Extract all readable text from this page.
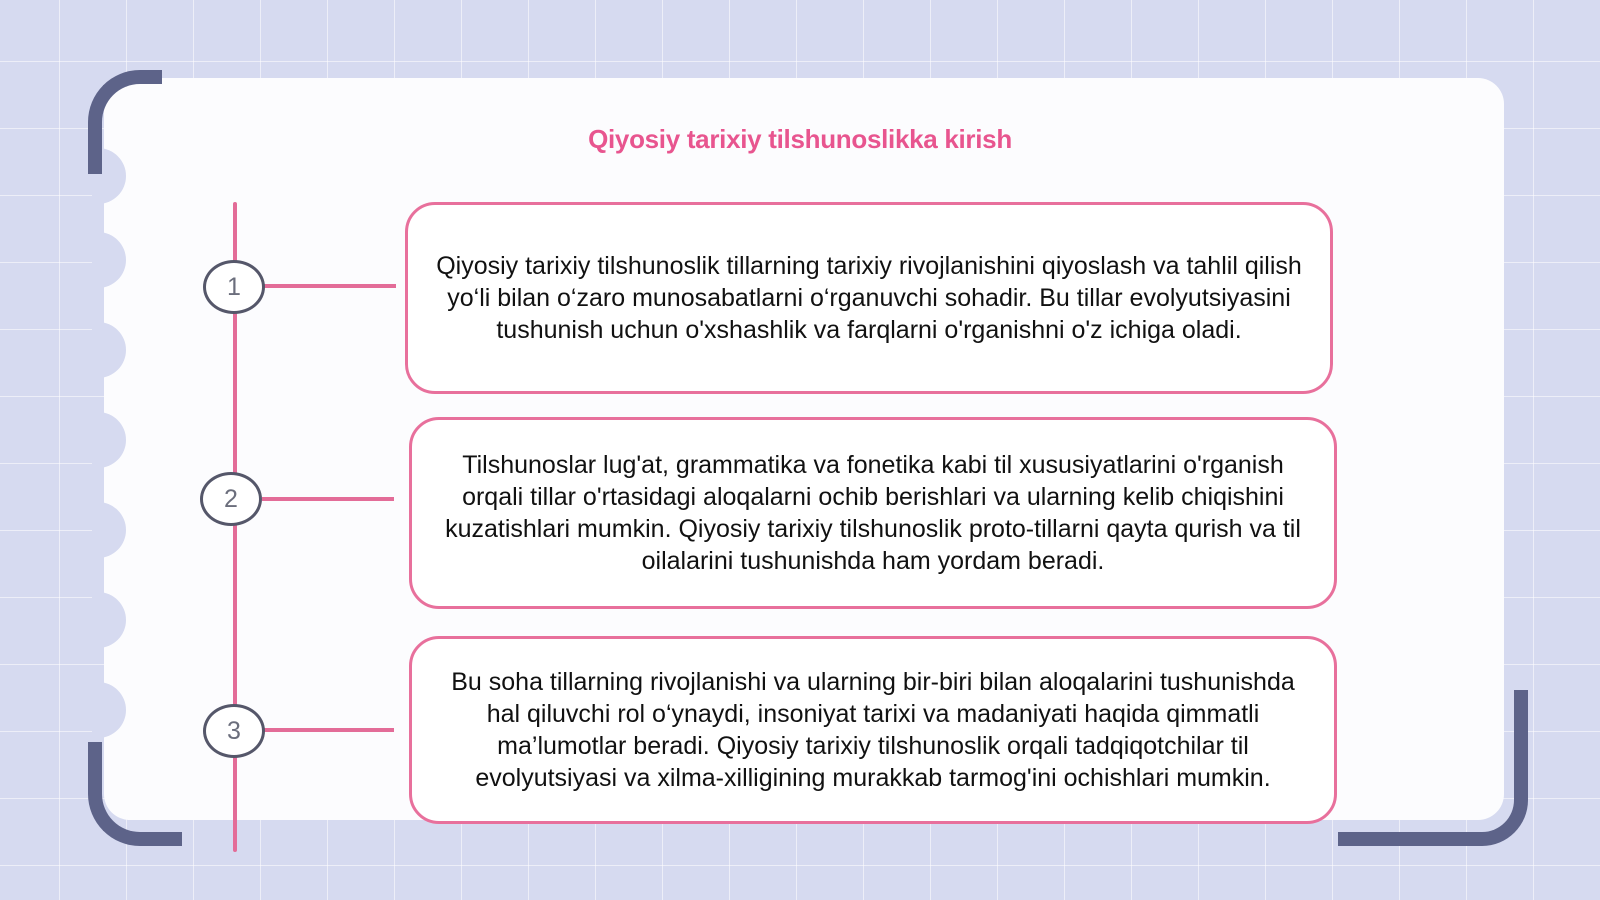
Qiyosiy tarixiy tilshunoslikka kirish
1
2
3
Qiyosiy tarixiy tilshunoslik tillarning tarixiy rivojlanishini qiyoslash va tahlil qilish yo‘li bilan o‘zaro munosabatlarni o‘rganuvchi sohadir. Bu tillar evolyutsiyasini tushunish uchun o'xshashlik va farqlarni o'rganishni o'z ichiga oladi.
Tilshunoslar lug'at, grammatika va fonetika kabi til xususiyatlarini o'rganish orqali tillar o'rtasidagi aloqalarni ochib berishlari va ularning kelib chiqishini kuzatishlari mumkin. Qiyosiy tarixiy tilshunoslik proto-tillarni qayta qurish va til oilalarini tushunishda ham yordam beradi.
Bu soha tillarning rivojlanishi va ularning bir-biri bilan aloqalarini tushunishda hal qiluvchi rol o‘ynaydi, insoniyat tarixi va madaniyati haqida qimmatli ma’lumotlar beradi. Qiyosiy tarixiy tilshunoslik orqali tadqiqotchilar til evolyutsiyasi va xilma-xilligining murakkab tarmog'ini ochishlari mumkin.
